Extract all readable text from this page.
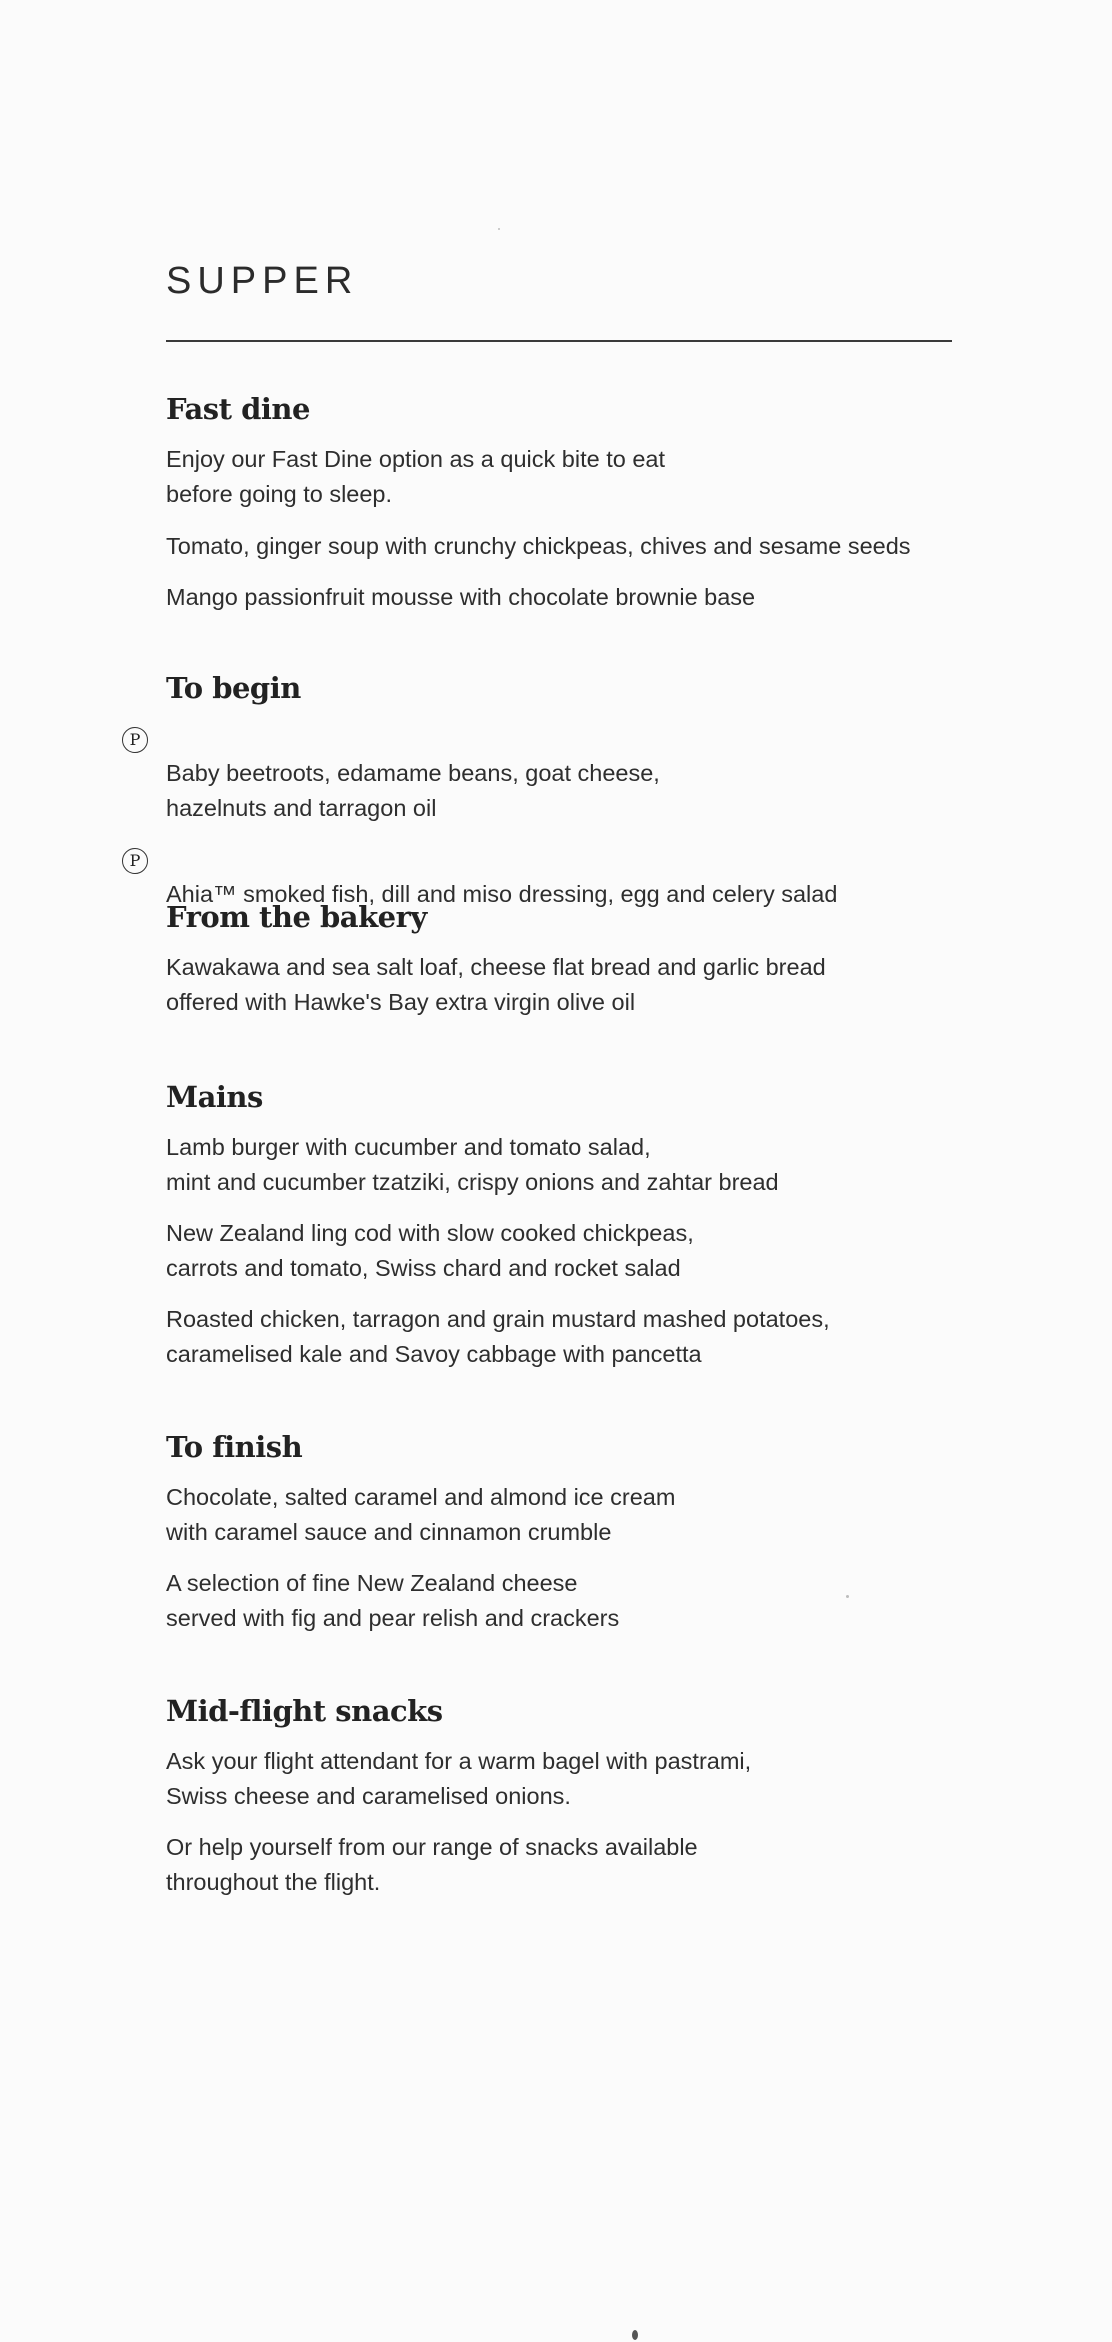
SUPPER
Fast dine

Enjoy our Fast Dine option as a quick bite to eat
before going to sleep.

Tomato, ginger soup with crunchy chickpeas, chives and sesame seeds

Mango passionfruit mousse with chocolate brownie base

To begin

P
Baby beetroots, edamame beans, goat cheese,
hazelnuts and tarragon oil

P
Ahia™ smoked fish, dill and miso dressing, egg and celery salad

From the bakery

Kawakawa and sea salt loaf, cheese flat bread and garlic bread
offered with Hawke's Bay extra virgin olive oil

Mains

Lamb burger with cucumber and tomato salad,
mint and cucumber tzatziki, crispy onions and zahtar bread

New Zealand ling cod with slow cooked chickpeas,
carrots and tomato, Swiss chard and rocket salad

Roasted chicken, tarragon and grain mustard mashed potatoes,
caramelised kale and Savoy cabbage with pancetta

To finish

Chocolate, salted caramel and almond ice cream
with caramel sauce and cinnamon crumble

A selection of fine New Zealand cheese
served with fig and pear relish and crackers

Mid-flight snacks

Ask your flight attendant for a warm bagel with pastrami,
Swiss cheese and caramelised onions.

Or help yourself from our range of snacks available
throughout the flight.
